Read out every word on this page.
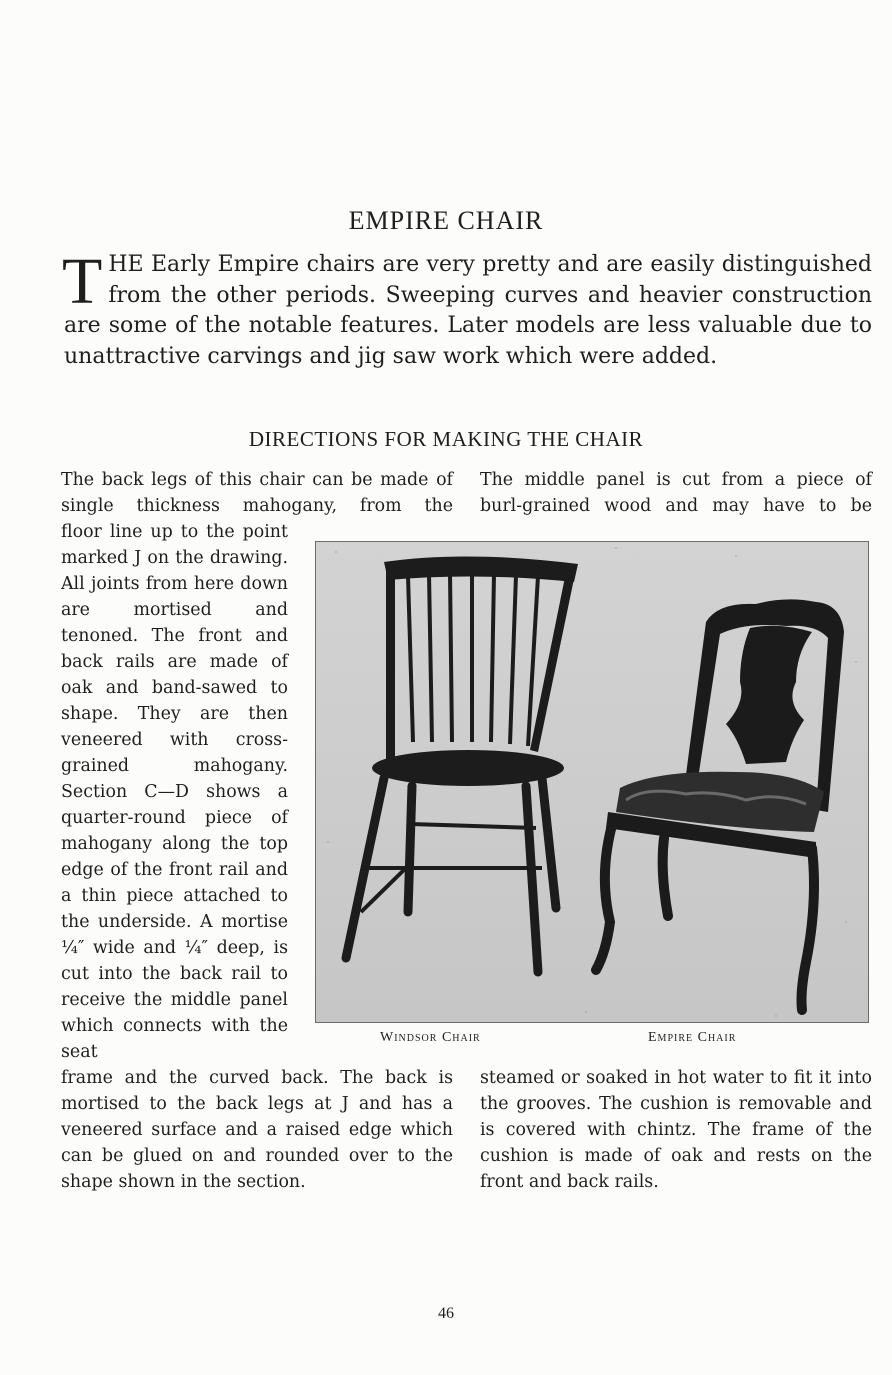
EMPIRE CHAIR
THE Early Empire chairs are very pretty and are easily distinguished from the other periods. Sweeping curves and heavier construction are some of the notable features. Later models are less valuable due to unattractive carvings and jig saw work which were added.
DIRECTIONS FOR MAKING THE CHAIR
The back legs of this chair can be made of single thickness mahogany, from the
The middle panel is cut from a piece of burl-grained wood and may have to be
floor line up to the point marked J on the drawing. All joints from here down are mortised and tenoned. The front and back rails are made of oak and band-sawed to shape. They are then veneered with cross-grained mahogany. Section C—D shows a quarter-round piece of mahogany along the top edge of the front rail and a thin piece attached to the underside. A mortise ¼″ wide and ¼″ deep, is cut into the back rail to receive the middle panel which connects with the seat
Windsor Chair	Empire Chair
frame and the curved back. The back is mortised to the back legs at J and has a veneered surface and a raised edge which can be glued on and rounded over to the shape shown in the section.
steamed or soaked in hot water to fit it into the grooves. The cushion is removable and is covered with chintz. The frame of the cushion is made of oak and rests on the front and back rails.
46
